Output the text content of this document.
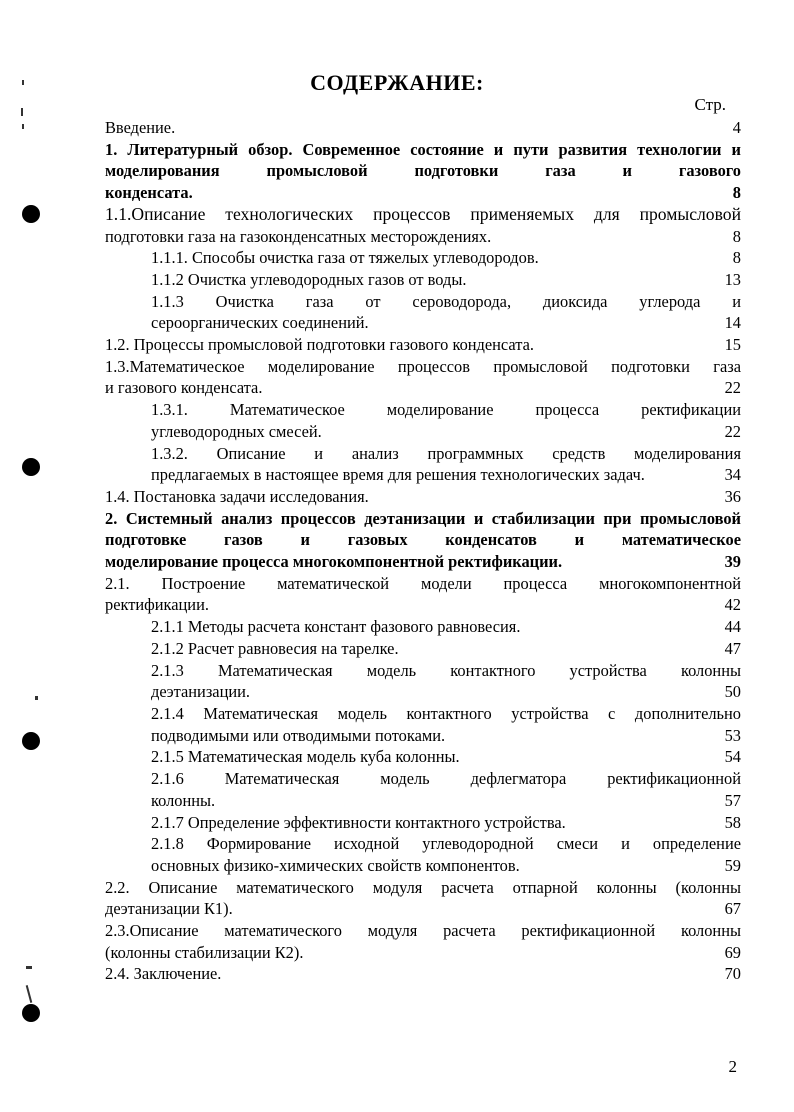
СОДЕРЖАНИЕ:
Стр.
Введение.	4
1. Литературный обзор. Современное состояние и пути развития технологии и моделирования промысловой подготовки газа и газового
конденсата.	8
1.1.Описание технологических процессов применяемых для промысловой
подготовки газа на газоконденсатных месторождениях.	8
1.1.1. Способы очистка газа от тяжелых углеводородов.	8
1.1.2 Очистка углеводородных газов от воды.	13
1.1.3 Очистка газа от сероводорода, диоксида углерода и
сероорганических соединений.	14
1.2. Процессы промысловой подготовки газового конденсата.	15
1.3.Математическое моделирование процессов промысловой подготовки газа
и газового конденсата.	22
1.3.1. Математическое моделирование процесса ректификации
углеводородных смесей.	22
1.3.2. Описание и анализ программных средств моделирования
предлагаемых в настоящее время для решения технологических задач.	34
1.4. Постановка задачи исследования.	36
2. Системный анализ процессов деэтанизации и стабилизации при промысловой подготовке газов и газовых конденсатов и математическое
моделирование процесса многокомпонентной ректификации.	39
2.1. Построение математической модели процесса многокомпонентной
ректификации.	42
2.1.1 Методы расчета констант фазового равновесия.	44
2.1.2 Расчет равновесия на тарелке.	47
2.1.3 Математическая модель контактного устройства колонны
деэтанизации.	50
2.1.4 Математическая модель контактного устройства с дополнительно
подводимыми или отводимыми потоками.	53
2.1.5 Математическая модель куба колонны.	54
2.1.6 Математическая модель дефлегматора ректификационной
колонны.	57
2.1.7 Определение эффективности контактного устройства.	58
2.1.8 Формирование исходной углеводородной смеси и определение
основных физико-химических свойств компонентов.	59
2.2. Описание математического модуля расчета отпарной колонны (колонны
деэтанизации К1).	67
2.3.Описание математического модуля расчета ректификационной колонны
(колонны стабилизации К2).	69
2.4. Заключение.	70
2
